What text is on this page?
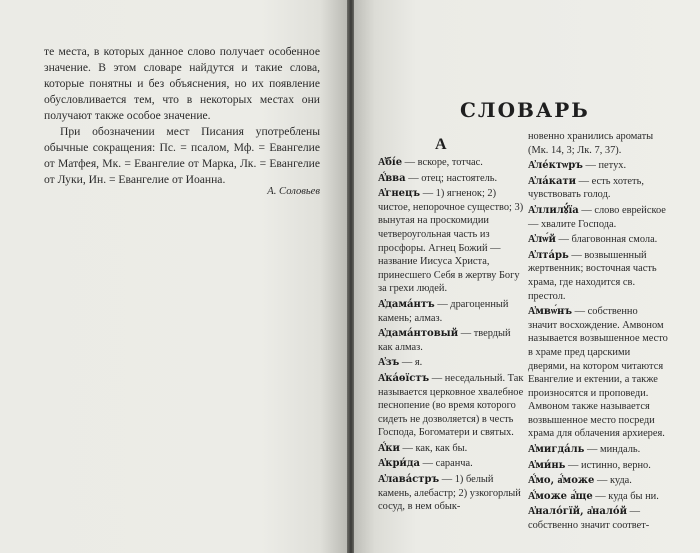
те места, в которых данное слово получает особенное значение. В этом словаре найдутся и такие слова, которые понятны и без объяснения, но их появление обусловливается тем, что в некоторых местах они получают также особое значение.

При обозначении мест Писания употреблены обычные сокращения: Пс. = псалом, Мф. = Евангелие от Матфея, Мк. = Евангелие от Марка, Лк. = Евангелие от Луки, Ин. = Евангелие от Иоанна.

А. Соловьев
СЛОВАРЬ
А

А҆бі́е — вскоре, тотчас.

А҆́вва — отец; настоятель.

А҆гнецъ — 1) ягненок; 2) чистое, непорочное существо; 3) вынутая на проскомидии четвероугольная часть из просфоры. Агнец Божий — название Иисуса Христа, принесшего Себя в жертву Богу за грехи людей.

А҆дама́нтъ — драгоценный камень; алмаз.

А҆дама́нтовый — твердый как алмаз.

А҆зъ — я.

А҆ка́ѳїстъ — неседальный. Так называется церковное хвалебное песнопение (во время которого сидеть не дозволяется) в честь Господа, Богоматери и святых.

А҆́ки — как, как бы.

А҆кри́да — саранча.

А҆лава́стръ — 1) белый камень, алебастр; 2) узкогорлый сосуд, в нем обык-

новенно хранились ароматы (Мк. 14, 3; Лк. 7, 37).

А҆ле́ктѡръ — петух.

А҆ла́кати — есть хотеть, чувствовать голод.

А҆ллилꙋ́їа — слово еврейское — хвалите Господа.

А҆лѡ́й — благовонная смола.

А҆лта́рь — возвышенный жертвенник; восточная часть храма, где находится св. престол.

А҆мвѡ́нъ — собственно значит восхождение. Амвоном называется возвышенное место в храме пред царскими дверями, на котором читаются Евангелие и ектении, а также произносятся и проповеди. Амвоном также называется возвышенное место посреди храма для облачения архиерея.

А҆мигда́ль — миндаль.

А҆ми́нь — истинно, верно.

А҆́мо, а҆́може — куда.

А҆́може а҆́ще — куда бы ни.

А҆нало́гїй, а҆нало́й — собственно значит соответ-
